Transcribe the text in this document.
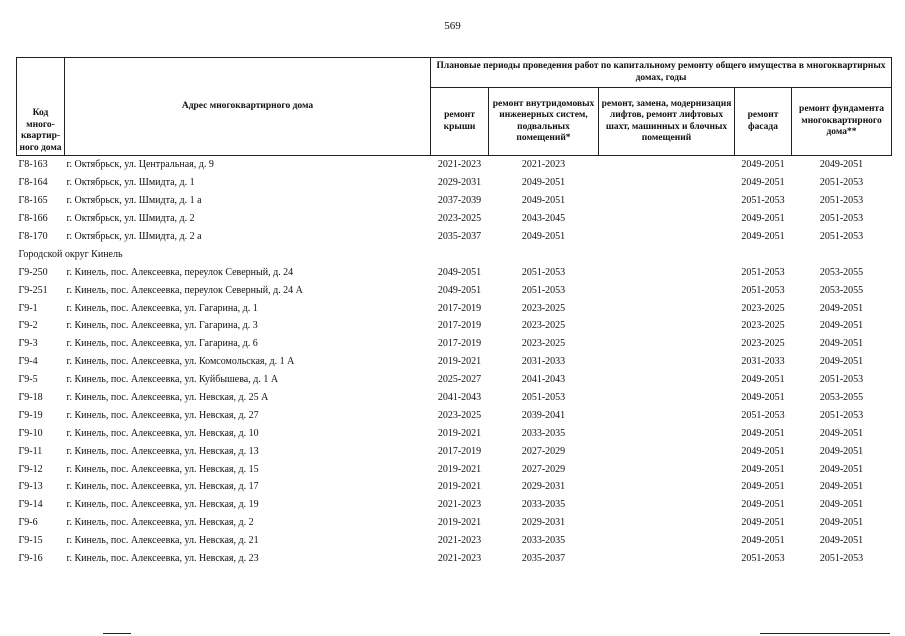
569
Код много-квартир-ного дома	Адрес многоквартирного дома	Плановые периоды проведения работ по капитальному ремонту общего имущества в многоквартирных домах, годы				
		ремонт крыши	ремонт внутридомовых инженерных систем, подвальных помещений*	ремонт, замена, модернизация лифтов, ремонт лифтовых шахт, машинных и блочных помещений	ремонт фасада	ремонт фундамента многоквартирного дома**
Г8-163	г. Октябрьск, ул. Центральная, д. 9	2021-2023	2021-2023		2049-2051	2049-2051
Г8-164	г. Октябрьск, ул. Шмидта, д. 1	2029-2031	2049-2051		2049-2051	2051-2053
Г8-165	г. Октябрьск, ул. Шмидта, д. 1 а	2037-2039	2049-2051		2051-2053	2051-2053
Г8-166	г. Октябрьск, ул. Шмидта, д. 2	2023-2025	2043-2045		2049-2051	2051-2053
Г8-170	г. Октябрьск, ул. Шмидта, д. 2 а	2035-2037	2049-2051		2049-2051	2051-2053
Городской округ Кинель						
Г9-250	г. Кинель, пос. Алексеевка, переулок Северный, д. 24	2049-2051	2051-2053		2051-2053	2053-2055
Г9-251	г. Кинель, пос. Алексеевка, переулок Северный, д. 24 А	2049-2051	2051-2053		2051-2053	2053-2055
Г9-1	г. Кинель, пос. Алексеевка, ул. Гагарина, д. 1	2017-2019	2023-2025		2023-2025	2049-2051
Г9-2	г. Кинель, пос. Алексеевка, ул. Гагарина, д. 3	2017-2019	2023-2025		2023-2025	2049-2051
Г9-3	г. Кинель, пос. Алексеевка, ул. Гагарина, д. 6	2017-2019	2023-2025		2023-2025	2049-2051
Г9-4	г. Кинель, пос. Алексеевка, ул. Комсомольская, д. 1 А	2019-2021	2031-2033		2031-2033	2049-2051
Г9-5	г. Кинель, пос. Алексеевка, ул. Куйбышева, д. 1 А	2025-2027	2041-2043		2049-2051	2051-2053
Г9-18	г. Кинель, пос. Алексеевка, ул. Невская, д. 25 А	2041-2043	2051-2053		2049-2051	2053-2055
Г9-19	г. Кинель, пос. Алексеевка, ул. Невская, д. 27	2023-2025	2039-2041		2051-2053	2051-2053
Г9-10	г. Кинель, пос. Алексеевка, ул. Невская, д. 10	2019-2021	2033-2035		2049-2051	2049-2051
Г9-11	г. Кинель, пос. Алексеевка, ул. Невская, д. 13	2017-2019	2027-2029		2049-2051	2049-2051
Г9-12	г. Кинель, пос. Алексеевка, ул. Невская, д. 15	2019-2021	2027-2029		2049-2051	2049-2051
Г9-13	г. Кинель, пос. Алексеевка, ул. Невская, д. 17	2019-2021	2029-2031		2049-2051	2049-2051
Г9-14	г. Кинель, пос. Алексеевка, ул. Невская, д. 19	2021-2023	2033-2035		2049-2051	2049-2051
Г9-6	г. Кинель, пос. Алексеевка, ул. Невская, д. 2	2019-2021	2029-2031		2049-2051	2049-2051
Г9-15	г. Кинель, пос. Алексеевка, ул. Невская, д. 21	2021-2023	2033-2035		2049-2051	2049-2051
Г9-16	г. Кинель, пос. Алексеевка, ул. Невская, д. 23	2021-2023	2035-2037		2051-2053	2051-2053
